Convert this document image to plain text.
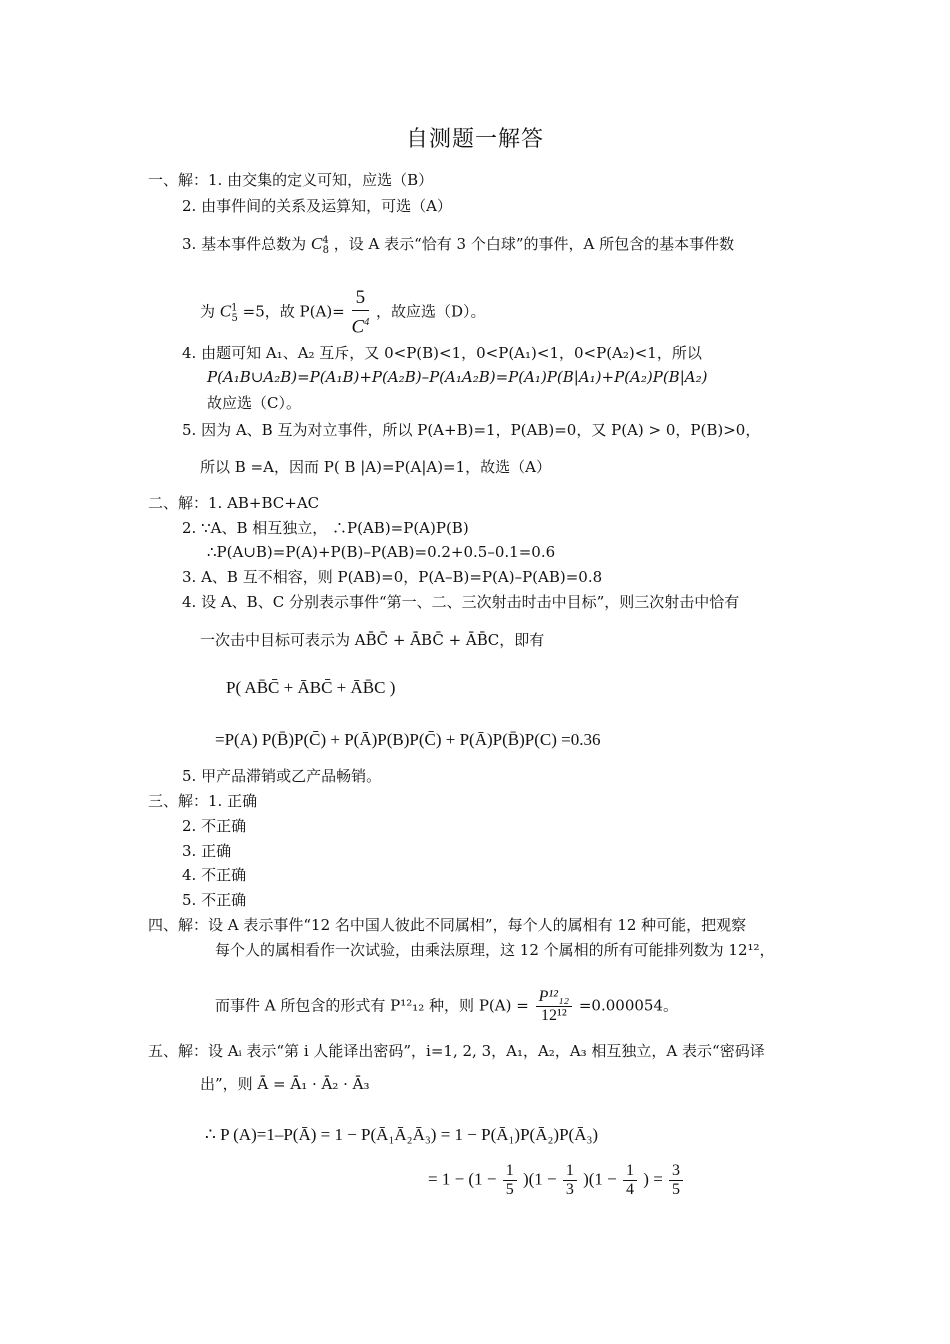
自测题一解答
一、解：1. 由交集的定义可知，应选（B）
2. 由事件间的关系及运算知，可选（A）
3. 基本事件总数为 $C^4_8$ ，设 A 表示“恰有 3 个白球”的事件，A 所包含的基本事件数
为 $C^1_5 =5$，故 $P(A)= \frac{5}{C^4}$ ，故应选（D）。
4. 由题可知 A₁、A₂ 互斥，又 0<P(B)<1，0<P(A₁)<1，0<P(A₂)<1，所以
P(A₁B∪A₂B)=P(A₁B)+P(A₂B)–P(A₁A₂B)=P(A₁)P(B|A₁)+P(A₂)P(B|A₂)
故应选（C）。
5. 因为 A、B 互为对立事件，所以 P(A+B)=1，P(AB)=0，又 P(A) > 0，P(B)>0，
所以 B =A，因而 P( B |A)=P(A|A)=1，故选（A）
二、解：1. AB+BC+AC
2. ∵A、B 相互独立， ∴P(AB)=P(A)P(B)
∴P(A∪B)=P(A)+P(B)–P(AB)=0.2+0.5–0.1=0.6
3. A、B 互不相容，则 P(AB)=0，P(A–B)=P(A)–P(AB)=0.8
4. 设 A、B、C 分别表示事件“第一、二、三次射击时击中目标”，则三次射击中恰有
一次击中目标可表示为 AB̄C̄ + ĀBC̄ + ĀB̄C，即有
P( AB̄C̄ + ĀBC̄ + ĀB̄C )
=P(A) P(B̄)P(C̄) + P(Ā)P(B)P(C̄) + P(Ā)P(B̄)P(C) =0.36
5. 甲产品滞销或乙产品畅销。
三、解：1. 正确
2. 不正确
3. 正确
4. 不正确
5. 不正确
四、解：设 A 表示事件“12 名中国人彼此不同属相”，每个人的属相有 12 种可能，把观察
每个人的属相看作一次试验，由乘法原理，这 12 个属相的所有可能排列数为 12¹²，
而事件 A 所包含的形式有 P¹²₁₂ 种，则 $P(A) = \frac{\text{P¹²₁₂}}{\text{12¹²}} =0.000054$。
五、解：设 Aᵢ 表示“第 i 人能译出密码”，i=1, 2, 3，A₁，A₂，A₃ 相互独立，A 表示“密码译
出”，则 Ā = Ā₁ · Ā₂ · Ā₃
∴ P (A)=1–P(Ā) = 1 − P(Ā₁Ā₂Ā₃) = 1 − P(Ā₁)P(Ā₂)P(Ā₃)
= $1 - (1 - \frac{1}{5} )(1 - \frac{1}{3} )(1 - \frac{1}{4}$ ) = $\frac{3}{5}$
